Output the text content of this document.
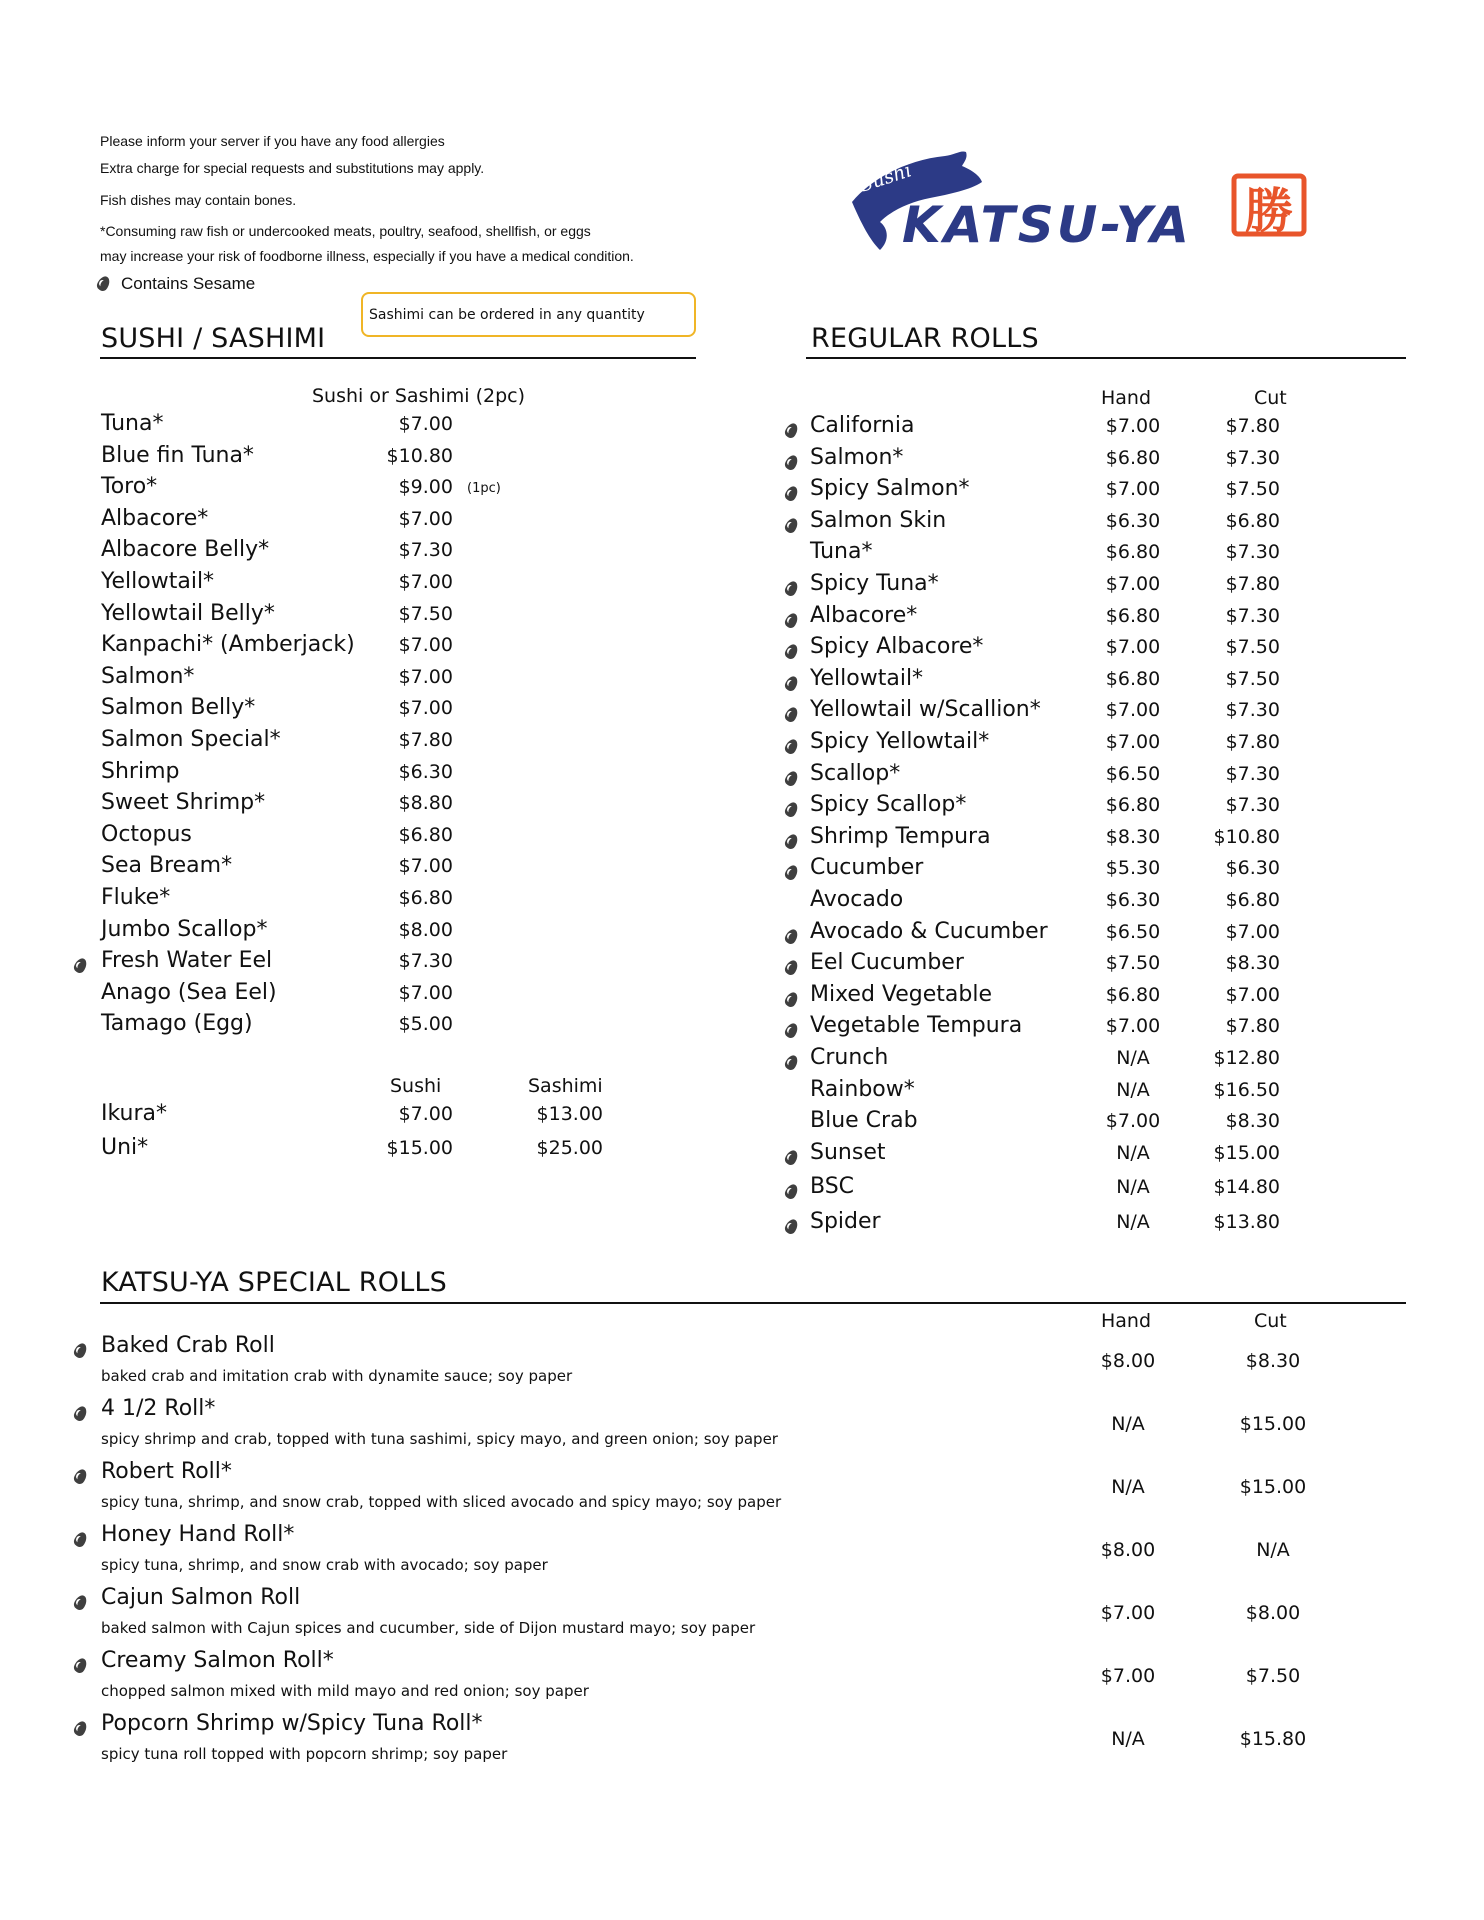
Please inform your server if you have any food allergies
Extra charge for special requests and substitutions may apply.
Fish dishes may contain bones.
*Consuming raw fish or undercooked meats, poultry, seafood, shellfish, or eggs
may increase your risk of foodborne illness, especially if you have a medical condition.
Contains Sesame
Sashimi can be ordered in any quantity
Sushi
KATSU-YA 勝
SUSHI / SASHIMI
Sushi or Sashimi (2pc)
Tuna*	$7.00
Blue fin Tuna*	$10.80
Toro*	$9.00 (1pc)
Albacore*	$7.00
Albacore Belly*	$7.30
Yellowtail*	$7.00
Yellowtail Belly*	$7.50
Kanpachi* (Amberjack)	$7.00
Salmon*	$7.00
Salmon Belly*	$7.00
Salmon Special*	$7.80
Shrimp	$6.30
Sweet Shrimp*	$8.80
Octopus	$6.80
Sea Bream*	$7.00
Fluke*	$6.80
Jumbo Scallop*	$8.00
Fresh Water Eel	$7.30
Anago (Sea Eel)	$7.00
Tamago (Egg)	$5.00
Sushi	Sashimi
Ikura*	$7.00	$13.00
Uni*	$15.00	$25.00
REGULAR ROLLS
Hand	Cut
California	$7.00	$7.80
Salmon*	$6.80	$7.30
Spicy Salmon*	$7.00	$7.50
Salmon Skin	$6.30	$6.80
Tuna*	$6.80	$7.30
Spicy Tuna*	$7.00	$7.80
Albacore*	$6.80	$7.30
Spicy Albacore*	$7.00	$7.50
Yellowtail*	$6.80	$7.50
Yellowtail w/Scallion*	$7.00	$7.30
Spicy Yellowtail*	$7.00	$7.80
Scallop*	$6.50	$7.30
Spicy Scallop*	$6.80	$7.30
Shrimp Tempura	$8.30	$10.80
Cucumber	$5.30	$6.30
Avocado	$6.30	$6.80
Avocado & Cucumber	$6.50	$7.00
Eel Cucumber	$7.50	$8.30
Mixed Vegetable	$6.80	$7.00
Vegetable Tempura	$7.00	$7.80
Crunch	N/A	$12.80
Rainbow*	N/A	$16.50
Blue Crab	$7.00	$8.30
Sunset	N/A	$15.00
BSC	N/A	$14.80
Spider	N/A	$13.80
KATSU-YA SPECIAL ROLLS
Hand	Cut
Baked Crab Roll
baked crab and imitation crab with dynamite sauce; soy paper
$8.00	$8.30
4 1/2 Roll*
spicy shrimp and crab, topped with tuna sashimi, spicy mayo, and green onion; soy paper
N/A	$15.00
Robert Roll*
spicy tuna, shrimp, and snow crab, topped with sliced avocado and spicy mayo; soy paper
N/A	$15.00
Honey Hand Roll*
spicy tuna, shrimp, and snow crab with avocado; soy paper
$8.00	N/A
Cajun Salmon Roll
baked salmon with Cajun spices and cucumber, side of Dijon mustard mayo; soy paper
$7.00	$8.00
Creamy Salmon Roll*
chopped salmon mixed with mild mayo and red onion; soy paper
$7.00	$7.50
Popcorn Shrimp w/Spicy Tuna Roll*
spicy tuna roll topped with popcorn shrimp; soy paper
N/A	$15.80
